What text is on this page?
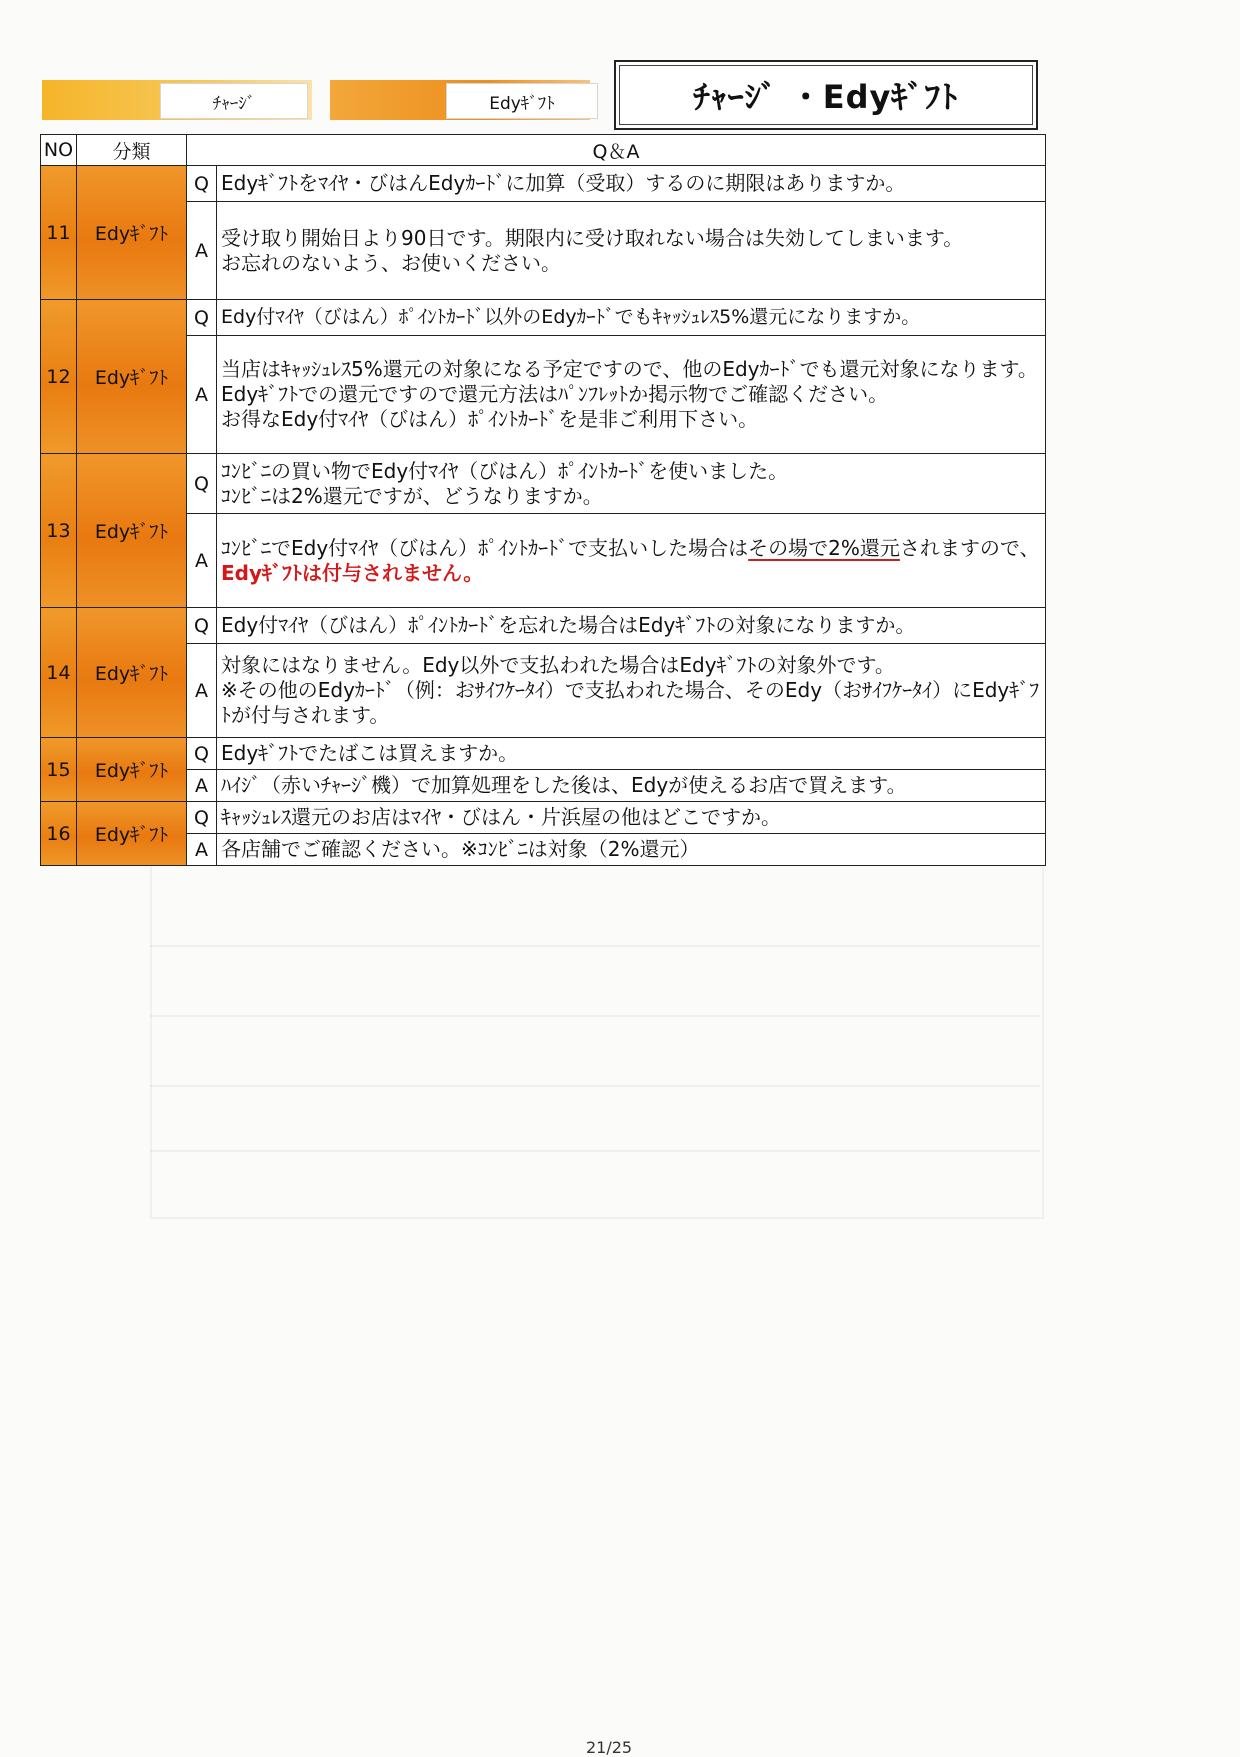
ﾁｬｰｼﾞ	Edyｷﾞﾌﾄ	ﾁｬｰｼﾞ ・Edyｷﾞﾌﾄ
NO	分類	Q＆A	
11	Edyｷﾞﾌﾄ	Q	Edyｷﾞﾌﾄをﾏｲﾔ・びはんEdyｶｰﾄﾞに加算（受取）するのに期限はありますか。
		A	受け取り開始日より90日です。期限内に受け取れない場合は失効してしまいます。
お忘れのないよう、お使いください。
12	Edyｷﾞﾌﾄ	Q	Edy付ﾏｲﾔ（びはん）ﾎﾟｲﾝﾄｶｰﾄﾞ以外のEdyｶｰﾄﾞでもｷｬｯｼｭﾚｽ5%還元になりますか。
		A	当店はｷｬｯｼｭﾚｽ5%還元の対象になる予定ですので、他のEdyｶｰﾄﾞでも還元対象になります。
Edyｷﾞﾌﾄでの還元ですので還元方法はﾊﾟﾝﾌﾚｯﾄか掲示物でご確認ください。
お得なEdy付ﾏｲﾔ（びはん）ﾎﾟｲﾝﾄｶｰﾄﾞを是非ご利用下さい。
13	Edyｷﾞﾌﾄ	Q	ｺﾝﾋﾞﾆの買い物でEdy付ﾏｲﾔ（びはん）ﾎﾟｲﾝﾄｶｰﾄﾞを使いました。
ｺﾝﾋﾞﾆは2%還元ですが、どうなりますか。
		A	ｺﾝﾋﾞﾆでEdy付ﾏｲﾔ（びはん）ﾎﾟｲﾝﾄｶｰﾄﾞで支払いした場合はその場で2%還元されますので、Edyｷﾞﾌﾄは付与されません。
14	Edyｷﾞﾌﾄ	Q	Edy付ﾏｲﾔ（びはん）ﾎﾟｲﾝﾄｶｰﾄﾞを忘れた場合はEdyｷﾞﾌﾄの対象になりますか。
		A	対象にはなりません。Edy以外で支払われた場合はEdyｷﾞﾌﾄの対象外です。
※その他のEdyｶｰﾄﾞ（例：おｻｲﾌｹｰﾀｲ）で支払われた場合、そのEdy（おｻｲﾌｹｰﾀｲ）にEdyｷﾞﾌﾄが付与されます。
15	Edyｷﾞﾌﾄ	Q	Edyｷﾞﾌﾄでたばこは買えますか。
		A	ﾊｲｼﾞ（赤いﾁｬｰｼﾞ機）で加算処理をした後は、Edyが使えるお店で買えます。
16	Edyｷﾞﾌﾄ	Q	ｷｬｯｼｭﾚｽ還元のお店はﾏｲﾔ・びはん・片浜屋の他はどこですか。
		A	各店舗でご確認ください。※ｺﾝﾋﾞﾆは対象（2%還元）
21/25
